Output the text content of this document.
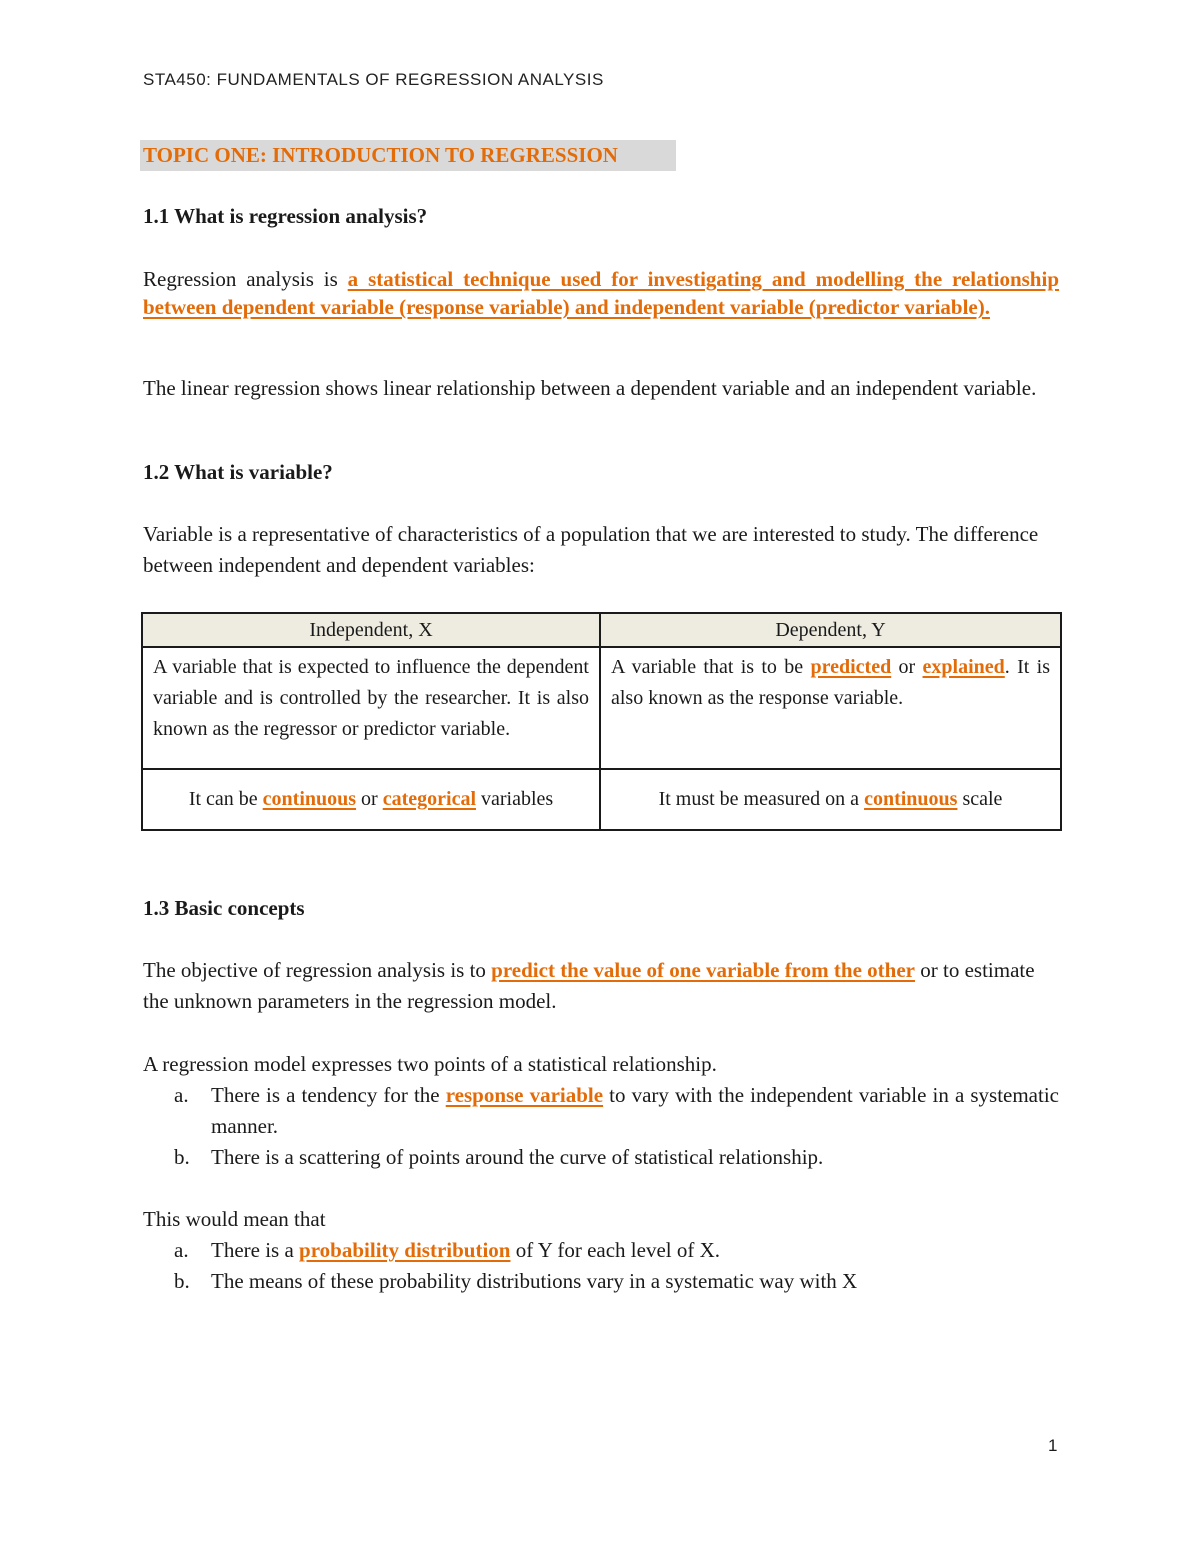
STA450: FUNDAMENTALS OF REGRESSION ANALYSIS
TOPIC ONE: INTRODUCTION TO REGRESSION
1.1 What is regression analysis?

Regression analysis is a statistical technique used for investigating and modelling the relationship between dependent variable (response variable) and independent variable (predictor variable).

The linear regression shows linear relationship between a dependent variable and an independent variable.

1.2 What is variable?

Variable is a representative of characteristics of a population that we are interested to study. The difference between independent and dependent variables:

Independent, X	Dependent, Y
A variable that is expected to influence the dependent variable and is controlled by the researcher. It is also known as the regressor or predictor variable.	A variable that is to be predicted or explained. It is also known as the response variable.
It can be continuous or categorical variables	It must be measured on a continuous scale
1.3 Basic concepts

The objective of regression analysis is to predict the value of one variable from the other or to estimate the unknown parameters in the regression model.

A regression model expresses two points of a statistical relationship.

a.	There is a tendency for the response variable to vary with the independent variable in a systematic manner.
b.	There is a scattering of points around the curve of statistical relationship.

This would mean that

a.	There is a probability distribution of Y for each level of X.
b.	The means of these probability distributions vary in a systematic way with X
1
